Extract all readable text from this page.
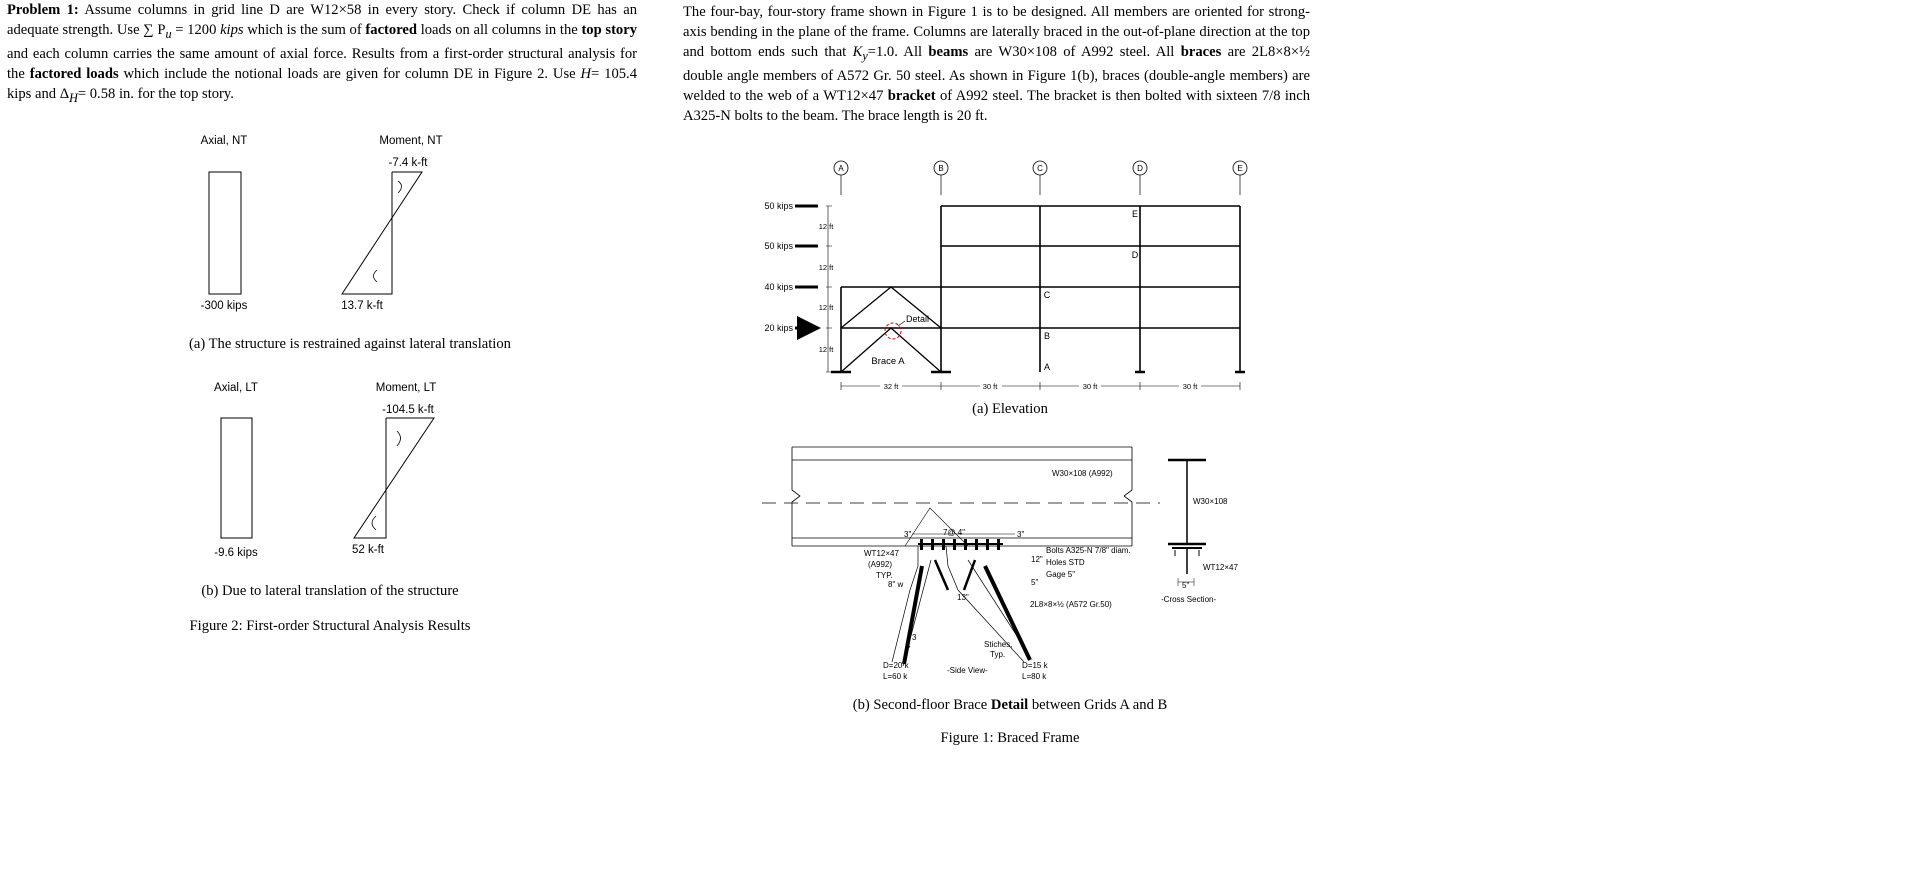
Problem 1: Assume columns in grid line D are W12×58 in every story. Check if column DE has an adequate strength. Use ∑ $P_u = 1200$ kips which is the sum of factored loads on all columns in the top story and each column carries the same amount of axial force. Results from a first-order structural analysis for the factored loads which include the notional loads are given for column DE in Figure 2. Use H= 105.4 kips and $\Delta_H= 0.58$ in. for the top story.
The four-bay, four-story frame shown in Figure 1 is to be designed. All members are oriented for strong-axis bending in the plane of the frame. Columns are laterally braced in the out-of-plane direction at the top and bottom ends such that $K_y=1.0$. All beams are W30×108 of A992 steel. All braces are 2L8×8×½ double angle members of A572 Gr. 50 steel. As shown in Figure 1(b), braces (double-angle members) are welded to the web of a WT12×47 bracket of A992 steel. The bracket is then bolted with sixteen 7/8 inch A325-N bolts to the beam. The brace length is 20 ft.
(a) The structure is restrained against lateral translation
(b) Due to lateral translation of the structure
Figure 2: First-order Structural Analysis Results
(a) Elevation
(b) Second-floor Brace Detail between Grids A and B
Figure 1: Braced Frame
Axial, NT	Moment, NT
-7.4 k-ft
-300 kips	13.7 k-ft
Axial, LT	Moment, LT
-104.5 k-ft
-9.6 kips	52 k-ft
A	B	C	D	E
50 kips
50 kips
40 kips
20 kips
12 ft
12 ft
12 ft
12 ft
32 ft	30 ft	30 ft	30 ft
E
D
C
B
A
Detail
Brace A
3"	7@ 4"	3"
WT12×47
(A992)
TYP.
8" w
13"
12"
5"
Bolts A325-N 7/8" diam.
Holes STD
Gage 5"
2L8×8×½ (A572 Gr.50)
W30×108 (A992)
Stiches,
Typ.
4
3
D=20 k
L=60 k
D=15 k
L=80 k
-Side View-
W30×108
WT12×47
5"
-Cross Section-
